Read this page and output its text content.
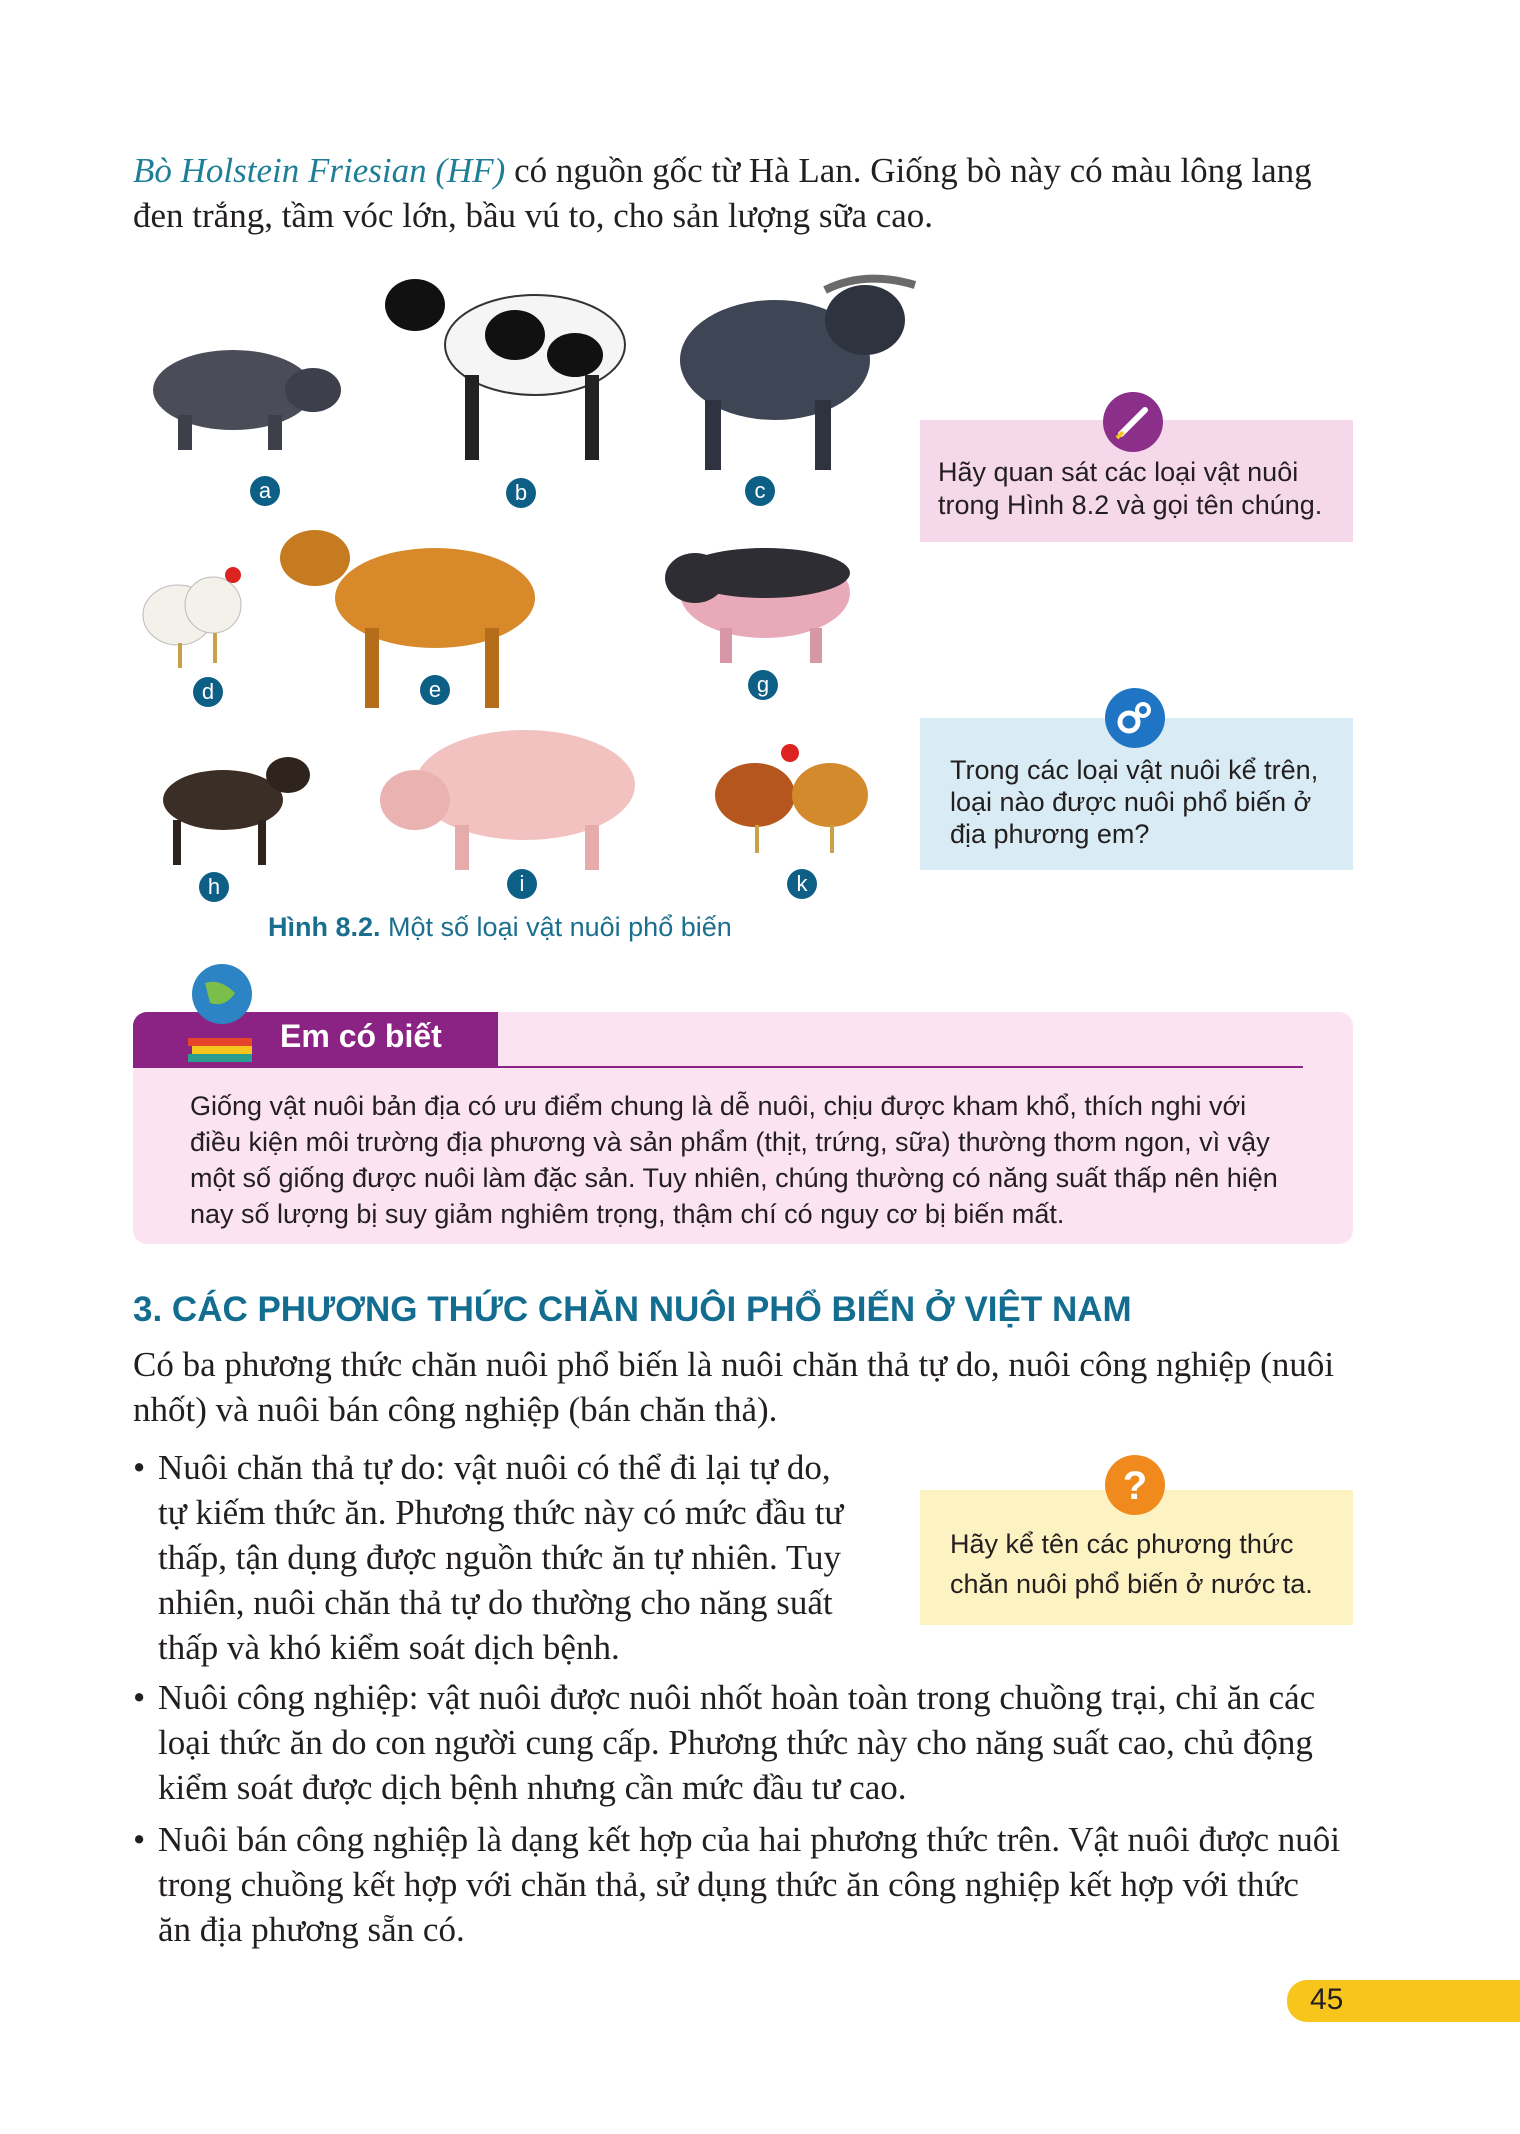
Bò Holstein Friesian (HF) có nguồn gốc từ Hà Lan. Giống bò này có màu lông lang
đen trắng, tầm vóc lớn, bầu vú to, cho sản lượng sữa cao.
a	b	c
d	e	g
h	i	k
Hình 8.2. Một số loại vật nuôi phổ biến
Hãy quan sát các loại vật nuôi
trong Hình 8.2 và gọi tên chúng.
Trong các loại vật nuôi kể trên,
loại nào được nuôi phổ biến ở
địa phương em?
Hãy kể tên các phương thức
chăn nuôi phổ biến ở nước ta.
?
Em có biết
Giống vật nuôi bản địa có ưu điểm chung là dễ nuôi, chịu được kham khổ, thích nghi với
điều kiện môi trường địa phương và sản phẩm (thịt, trứng, sữa) thường thơm ngon, vì vậy
một số giống được nuôi làm đặc sản. Tuy nhiên, chúng thường có năng suất thấp nên hiện
nay số lượng bị suy giảm nghiêm trọng, thậm chí có nguy cơ bị biến mất.
3. CÁC PHƯƠNG THỨC CHĂN NUÔI PHỔ BIẾN Ở VIỆT NAM
Có ba phương thức chăn nuôi phổ biến là nuôi chăn thả tự do, nuôi công nghiệp (nuôi
nhốt) và nuôi bán công nghiệp (bán chăn thả).
• Nuôi chăn thả tự do: vật nuôi có thể đi lại tự do,
tự kiếm thức ăn. Phương thức này có mức đầu tư
thấp, tận dụng được nguồn thức ăn tự nhiên. Tuy
nhiên, nuôi chăn thả tự do thường cho năng suất
thấp và khó kiểm soát dịch bệnh.
• Nuôi công nghiệp: vật nuôi được nuôi nhốt hoàn toàn trong chuồng trại, chỉ ăn các
loại thức ăn do con người cung cấp. Phương thức này cho năng suất cao, chủ động
kiểm soát được dịch bệnh nhưng cần mức đầu tư cao.
• Nuôi bán công nghiệp là dạng kết hợp của hai phương thức trên. Vật nuôi được nuôi
trong chuồng kết hợp với chăn thả, sử dụng thức ăn công nghiệp kết hợp với thức
ăn địa phương sẵn có.
45
